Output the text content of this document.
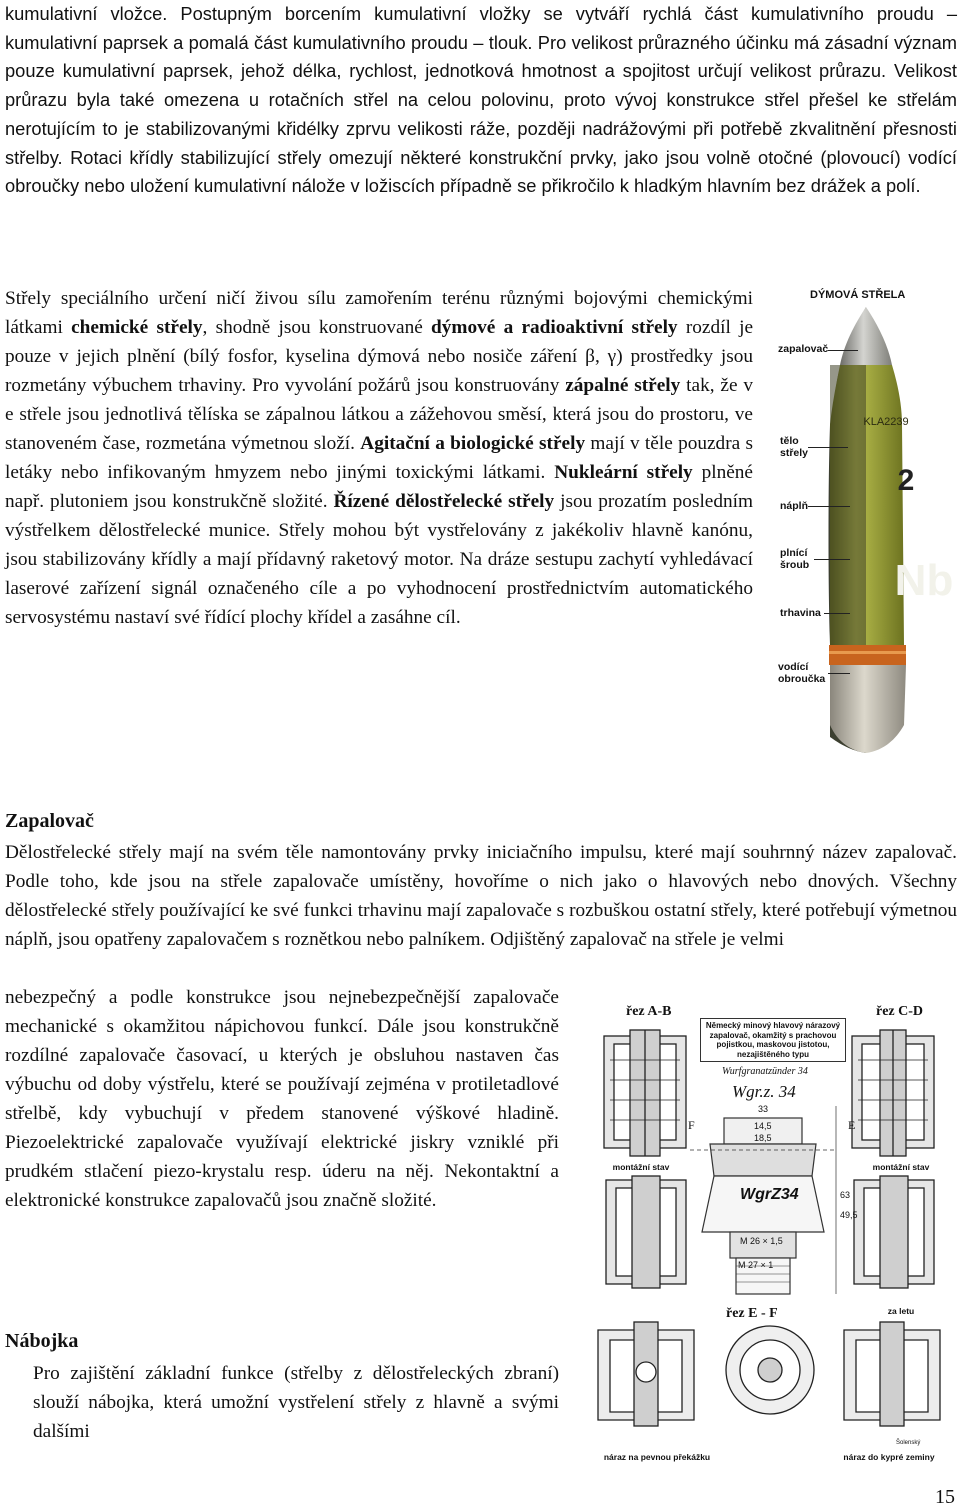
kumulativní vložce. Postupným borcením kumulativní vložky se vytváří rychlá část kumulativního proudu – kumulativní paprsek a pomalá část kumulativního proudu – tlouk. Pro velikost průrazného účinku má zásadní význam pouze kumulativní paprsek, jehož délka, rychlost, jednotková hmotnost a spojitost určují velikost průrazu. Velikost průrazu byla také omezena u rotačních střel na celou polovinu, proto vývoj konstrukce střel přešel ke střelám nerotujícím to je stabilizovanými křidélky zprvu velikosti ráže, později nadrážovými při potřebě zkvalitnění přesnosti střelby. Rotaci křídly stabilizující střely omezují některé konstrukční prvky, jako jsou volně otočné (plovoucí) vodící obroučky nebo uložení kumulativní nálože v ložiscích případně se přikročilo k hladkým hlavním bez drážek a polí.

Střely speciálního určení ničí živou sílu zamořením terénu různými bojovými chemickými látkami chemické střely, shodně jsou konstruované dýmové a radioaktivní střely rozdíl je pouze v jejich plnění (bílý fosfor, kyselina dýmová nebo nosiče záření β, γ) prostředky jsou rozmetány výbuchem trhaviny. Pro vyvolání požárů jsou konstruovány zápalné střely tak, že v e střele jsou jednotlivá tělíska se zápalnou látkou a zážehovou směsí, která jsou do prostoru, ve stanoveném čase, rozmetána výmetnou složí. Agitační a biologické střely mají v těle pouzdra s letáky nebo infikovaným hmyzem nebo jinými toxickými látkami. Nukleární střely plněné např. plutoniem jsou konstrukčně složité. Řízené dělostřelecké střely jsou prozatím posledním výstřelkem dělostřelecké munice. Střely mohou být vystřelovány z jakékoliv hlavně kanónu, jsou stabilizovány křídly a mají přídavný raketový motor. Na dráze sestupu zachytí vyhledávací laserové zařízení signál označeného cíle a po vyhodnocení prostřednictvím automatického servosystému nastaví své řídící plochy křídel a zasáhne cíl.

DÝMOVÁ STŘELA
KLA2239
2
Nb
zapalovač
tělo
střely
náplň
plnící
šroub
trhavina
vodící
obroučka
Zapalovač

Dělostřelecké střely mají na svém těle namontovány prvky iniciačního impulsu, které mají souhrnný název zapalovač. Podle toho, kde jsou na střele zapalovače umístěny, hovoříme o nich jako o hlavových nebo dnových. Všechny dělostřelecké střely používající ke své funkci trhavinu mají zapalovače s rozbuškou ostatní střely, které potřebují výmetnou náplň, jsou opatřeny zapalovačem s roznětkou nebo palníkem. Odjištěný zapalovač na střele je velmi

nebezpečný a podle konstrukce jsou nejnebezpečnější zapalovače mechanické s okamžitou nápichovou funkcí. Dále jsou konstrukčně rozdílné zapalovače časovací, u kterých je obsluhou nastaven čas výbuchu od doby výstřelu, které se používají zejména v protiletadlové střelbě, kdy vybuchují v předem stanovené výškové hladině. Piezoelektrické zapalovače využívají elektrické jiskry vzniklé při prudkém stlačení piezo-krystalu resp. úderu na něj. Nekontaktní a elektronické konstrukce zapalovačů jsou značně složité.

řez A-B	řez C-D
Německý minový hlavový nárazový zapalovač, okamžitý s prachovou pojistkou, maskovou jistotou, nezajištěného typu
Wurfgranatzünder 34
Wgr.z. 34
WgrZ34
33
14,5
18,5
M 26 × 1,5
M 27 × 1
63
49,5
E
F
montážní stav	montážní stav
řez E - F	za letu
náraz na pevnou překážku	náraz do kypré zeminy
Šolenský
Nábojka

Pro zajištění základní funkce (střelby z dělostřeleckých zbraní) slouží nábojka, která umožní vystřelení střely z hlavně a svými dalšími

15
